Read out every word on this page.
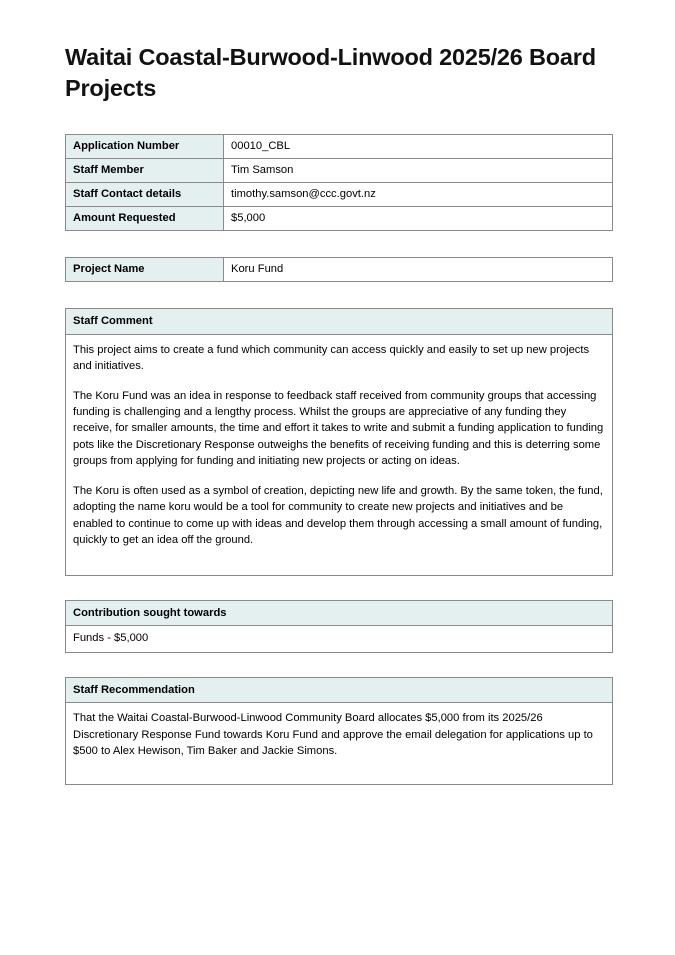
Waitai Coastal-Burwood-Linwood 2025/26 Board Projects
Application Number	00010_CBL
Staff Member	Tim Samson
Staff Contact details	timothy.samson@ccc.govt.nz
Amount Requested	$5,000
Project Name	Koru Fund
Staff Comment

This project aims to create a fund which community can access quickly and easily to set up new projects and initiatives.

The Koru Fund was an idea in response to feedback staff received from community groups that accessing funding is challenging and a lengthy process. Whilst the groups are appreciative of any funding they receive, for smaller amounts, the time and effort it takes to write and submit a funding application to funding pots like the Discretionary Response outweighs the benefits of receiving funding and this is deterring some groups from applying for funding and initiating new projects or acting on ideas.

The Koru is often used as a symbol of creation, depicting new life and growth. By the same token, the fund, adopting the name koru would be a tool for community to create new projects and initiatives and be enabled to continue to come up with ideas and develop them through accessing a small amount of funding, quickly to get an idea off the ground.

Contribution sought towards
Funds - $5,000
Staff Recommendation

That the Waitai Coastal-Burwood-Linwood Community Board allocates $5,000 from its 2025/26 Discretionary Response Fund towards Koru Fund and approve the email delegation for applications up to $500 to Alex Hewison, Tim Baker and Jackie Simons.
